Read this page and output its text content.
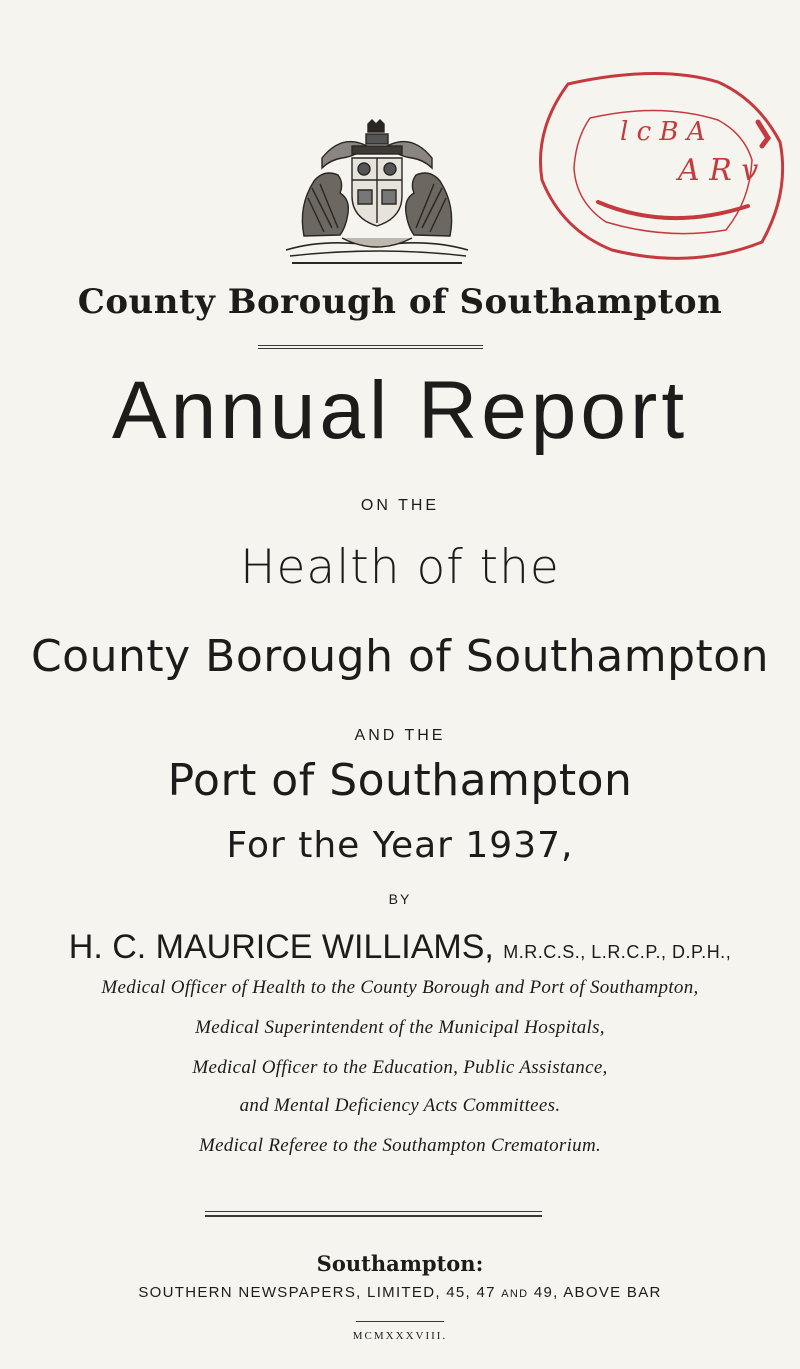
l c B A
A R v
County Borough of Southampton
Annual Report
ON THE
Health of the
County Borough of Southampton
AND THE
Port of Southampton
For the Year 1937,
BY
H. C. MAURICE WILLIAMS, M.R.C.S., L.R.C.P., D.P.H.,
Medical Officer of Health to the County Borough and Port of Southampton,
Medical Superintendent of the Municipal Hospitals,
Medical Officer to the Education, Public Assistance,
and Mental Deficiency Acts Committees.
Medical Referee to the Southampton Crematorium.
Southampton:
SOUTHERN NEWSPAPERS, LIMITED, 45, 47 AND 49, ABOVE BAR
MCMXXXVIII.
